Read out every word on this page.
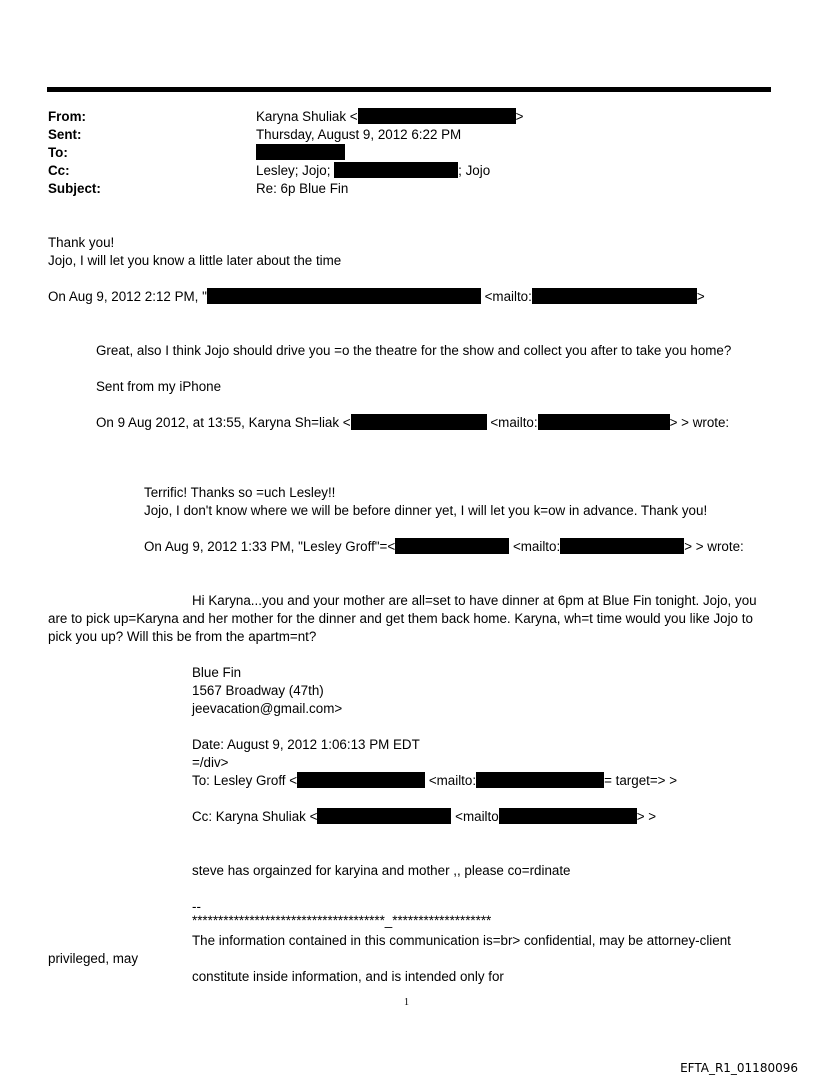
From:	Karyna Shuliak <	>
Sent:	Thursday, August 9, 2012 6:22 PM
To:
Cc:	Lesley; Jojo;	; Jojo
Subject:	Re: 6p Blue Fin
Thank you!
Jojo, I will let you know a little later about the time
On Aug 9, 2012 2:12 PM, "	<mailto:	>
Great, also I think Jojo should drive you =o the theatre for the show and collect you after to take you home?
Sent from my iPhone
On 9 Aug 2012, at 13:55, Karyna Sh=liak <	<mailto:	> > wrote:
Terrific! Thanks so =uch Lesley!!
Jojo, I don't know where we will be before dinner yet, I will let you k=ow in advance. Thank you!
On Aug 9, 2012 1:33 PM, "Lesley Groff"=<	<mailto:	> > wrote:
Hi Karyna...you and your mother are all=set to have dinner at 6pm at Blue Fin tonight. Jojo, you
are to pick up=Karyna and her mother for the dinner and get them back home. Karyna, wh=t time would you like Jojo to
pick you up? Will this be from the apartm=nt?
Blue Fin
1567 Broadway (47th)
jeevacation@gmail.com>
Date: August 9, 2012 1:06:13 PM EDT
=/div>
To: Lesley Groff <	<mailto:	= target=> >
Cc: Karyna Shuliak <	<mailto	> >
steve has orgainzed for karyina and mother ,, please co=rdinate
--
*************************************_*******************
The information contained in this communication is=br> confidential, may be attorney-client
privileged, may
constitute inside information, and is intended only for
1
EFTA_R1_01180096
